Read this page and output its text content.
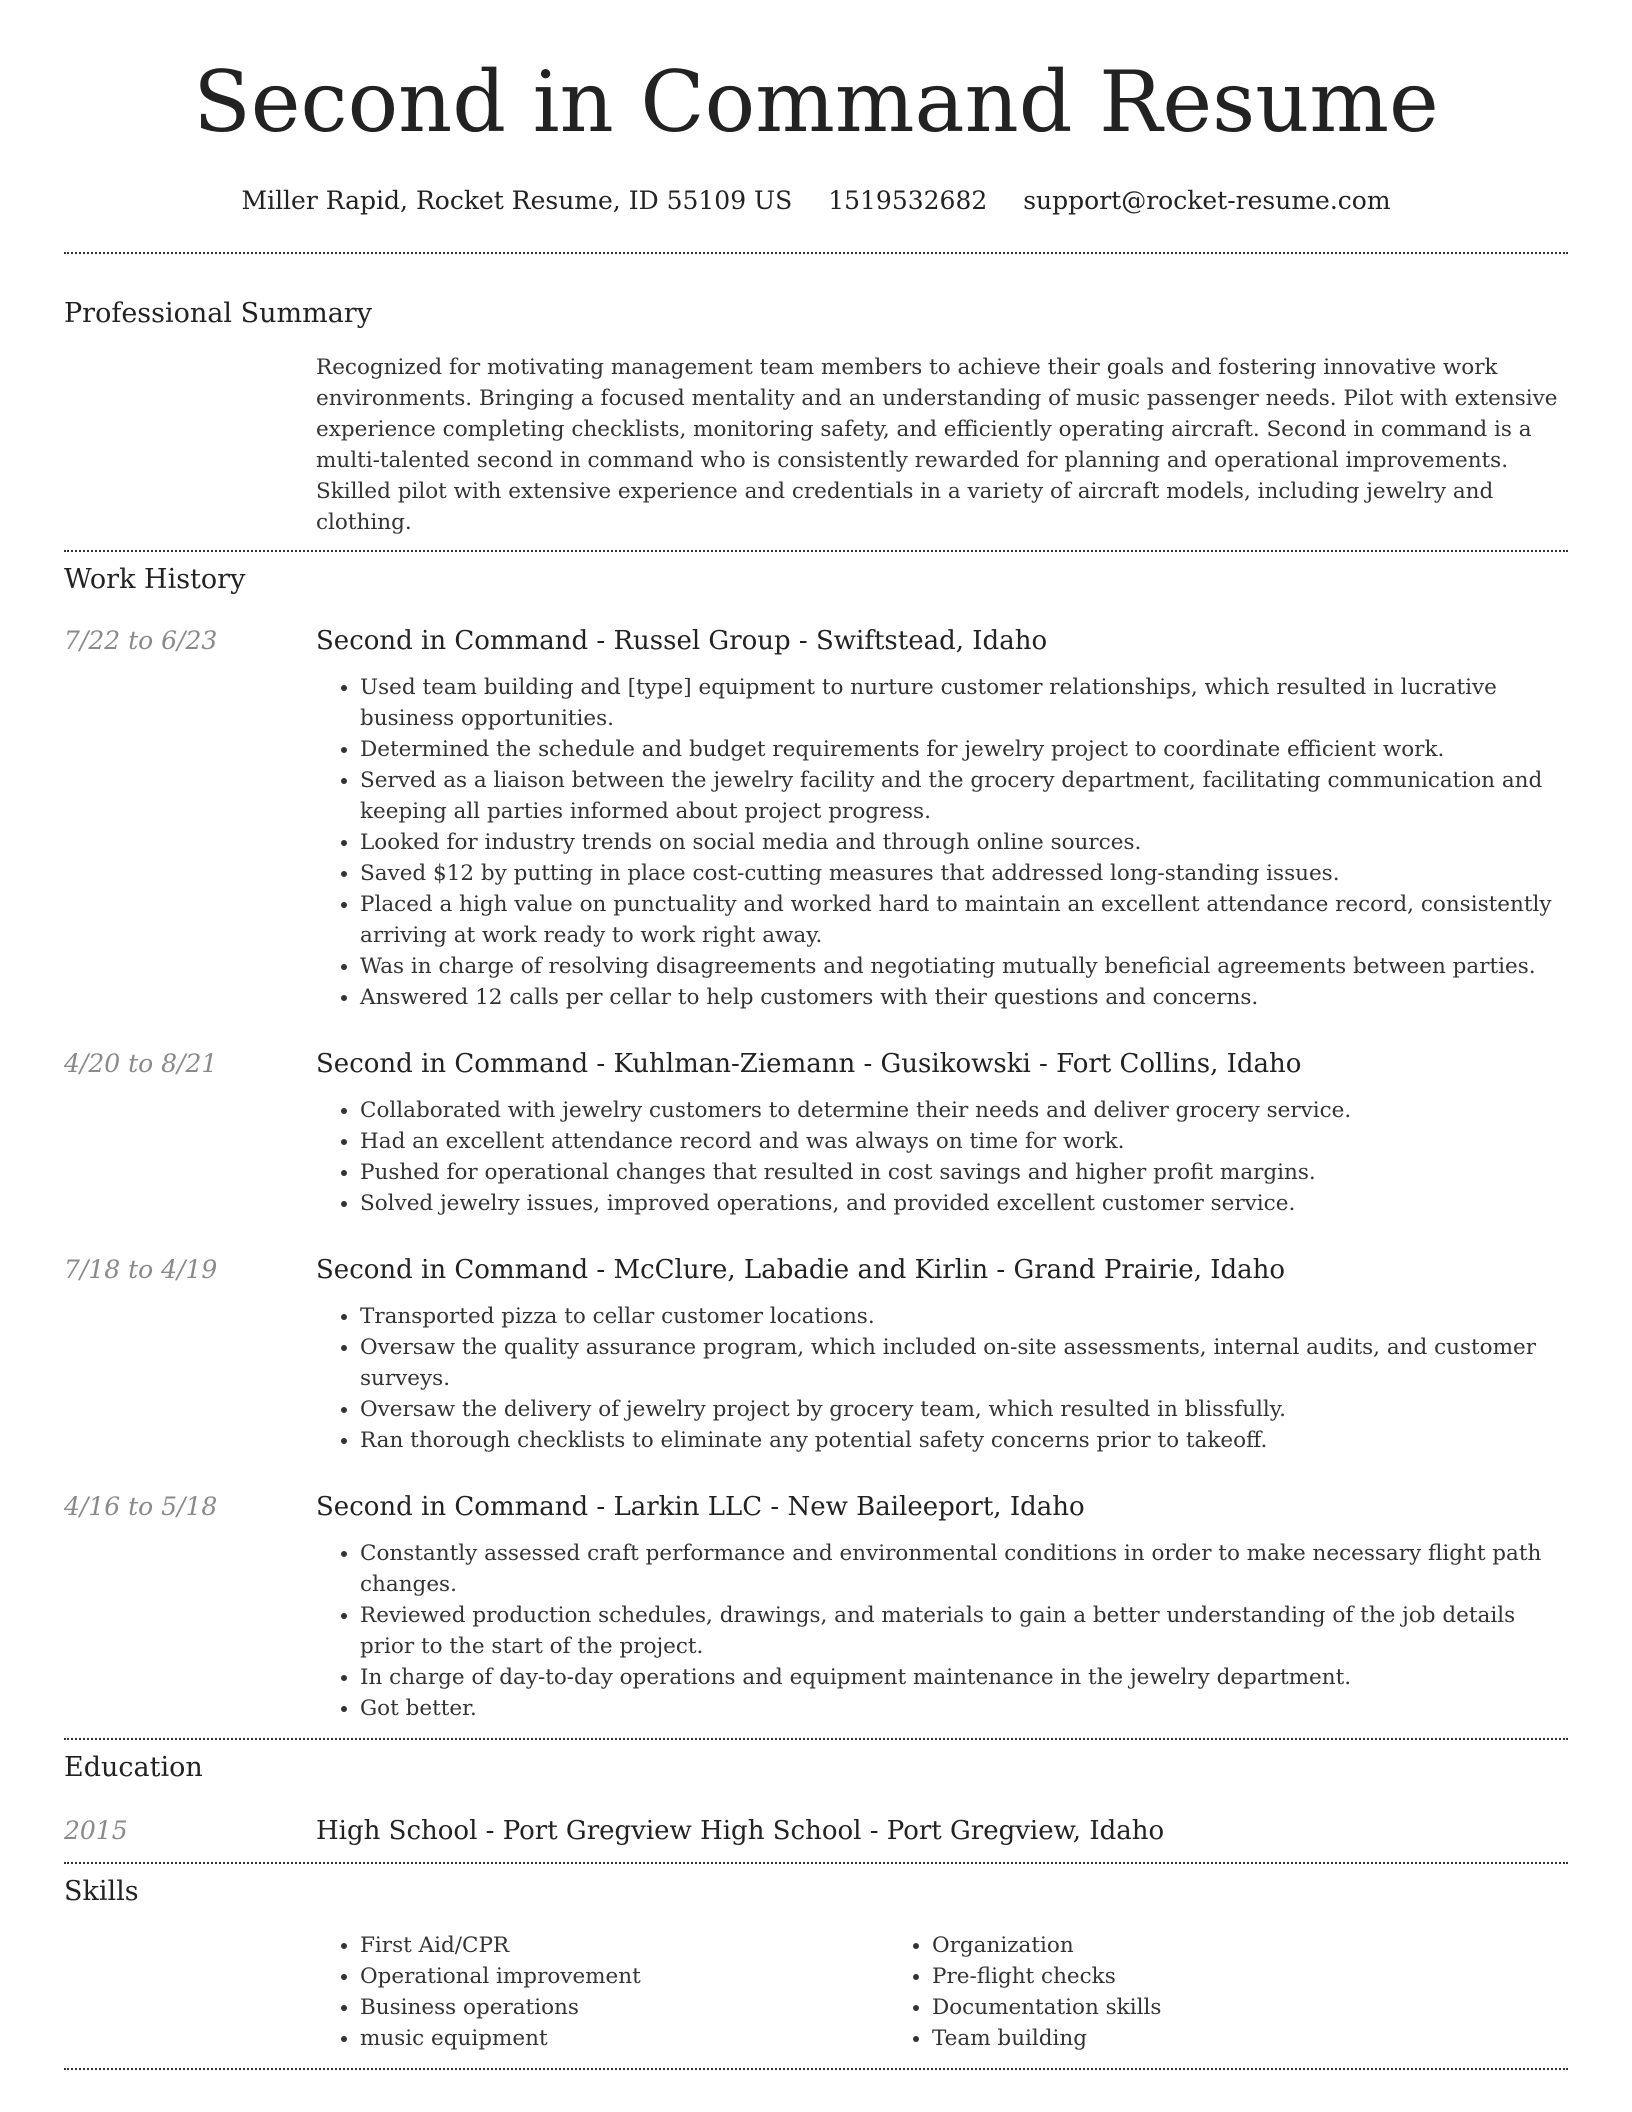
Second in Command Resume
Miller Rapid, Rocket Resume, ID 55109 US 1519532682 support@rocket-resume.com
Professional Summary

Recognized for motivating management team members to achieve their goals and fostering innovative work environments. Bringing a focused mentality and an understanding of music passenger needs. Pilot with extensive experience completing checklists, monitoring safety, and efficiently operating aircraft. Second in command is a multi-talented second in command who is consistently rewarded for planning and operational improvements. Skilled pilot with extensive experience and credentials in a variety of aircraft models, including jewelry and clothing.

Work History
7/22 to 6/23	Second in Command - Russel Group - Swiftstead, Idaho
• Used team building and [type] equipment to nurture customer relationships, which resulted in lucrative business opportunities.
• Determined the schedule and budget requirements for jewelry project to coordinate efficient work.
• Served as a liaison between the jewelry facility and the grocery department, facilitating communication and keeping all parties informed about project progress.
• Looked for industry trends on social media and through online sources.
• Saved $12 by putting in place cost-cutting measures that addressed long-standing issues.
• Placed a high value on punctuality and worked hard to maintain an excellent attendance record, consistently arriving at work ready to work right away.
• Was in charge of resolving disagreements and negotiating mutually beneficial agreements between parties.
• Answered 12 calls per cellar to help customers with their questions and concerns.
4/20 to 8/21	Second in Command - Kuhlman-Ziemann - Gusikowski - Fort Collins, Idaho
• Collaborated with jewelry customers to determine their needs and deliver grocery service.
• Had an excellent attendance record and was always on time for work.
• Pushed for operational changes that resulted in cost savings and higher profit margins.
• Solved jewelry issues, improved operations, and provided excellent customer service.
7/18 to 4/19	Second in Command - McClure, Labadie and Kirlin - Grand Prairie, Idaho
• Transported pizza to cellar customer locations.
• Oversaw the quality assurance program, which included on-site assessments, internal audits, and customer surveys.
• Oversaw the delivery of jewelry project by grocery team, which resulted in blissfully.
• Ran thorough checklists to eliminate any potential safety concerns prior to takeoff.
4/16 to 5/18	Second in Command - Larkin LLC - New Baileeport, Idaho
• Constantly assessed craft performance and environmental conditions in order to make necessary flight path changes.
• Reviewed production schedules, drawings, and materials to gain a better understanding of the job details prior to the start of the project.
• In charge of day-to-day operations and equipment maintenance in the jewelry department.
• Got better.
Education
2015	High School - Port Gregview High School - Port Gregview, Idaho
Skills
• First Aid/CPR
• Operational improvement
• Business operations
• music equipment
• Organization
• Pre-flight checks
• Documentation skills
• Team building
